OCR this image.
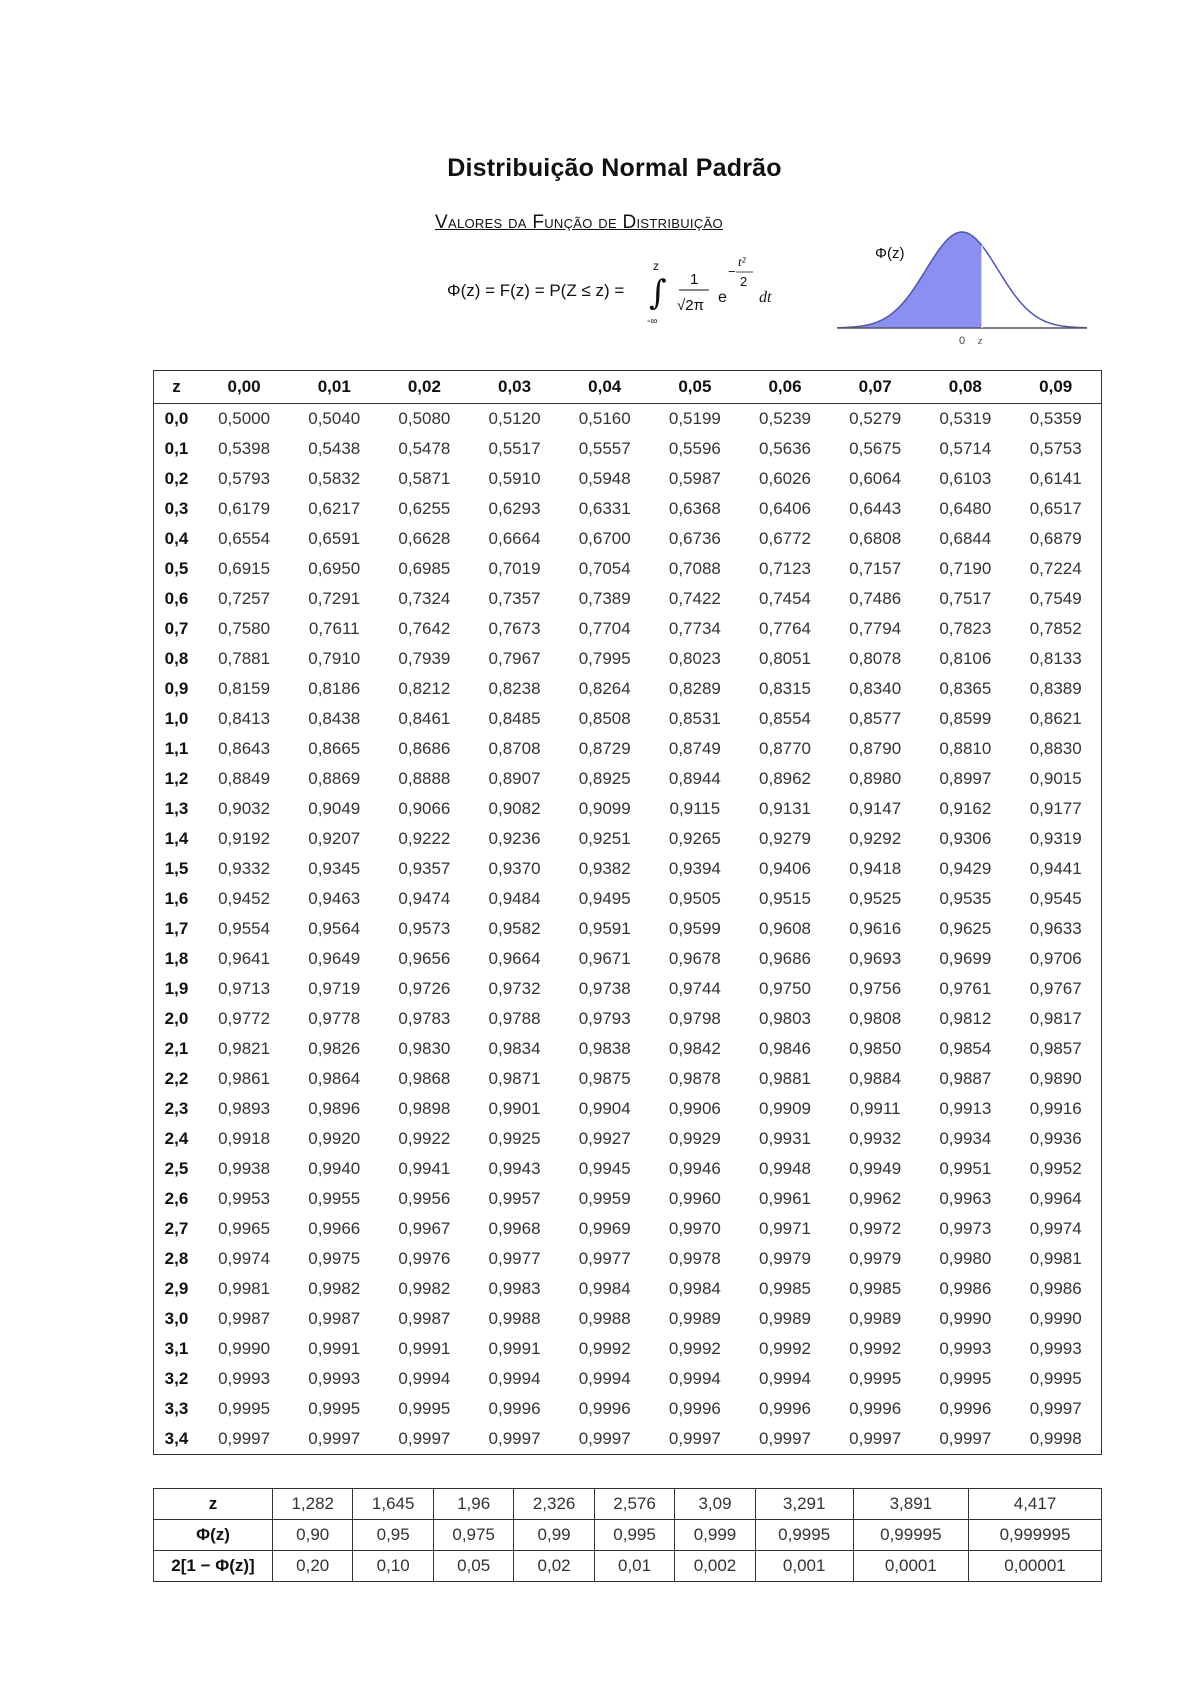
Distribuição Normal Padrão
Valores da Função de Distribuição
Φ(z) = F(z) = P(Z ≤ z) = ∫
z
-∞
1
√2π e
−
t²
2
dt
Φ(z)
0 z
z	0,00	0,01	0,02	0,03	0,04	0,05	0,06	0,07	0,08	0,09
0,0	0,5000	0,5040	0,5080	0,5120	0,5160	0,5199	0,5239	0,5279	0,5319	0,5359
0,1	0,5398	0,5438	0,5478	0,5517	0,5557	0,5596	0,5636	0,5675	0,5714	0,5753
0,2	0,5793	0,5832	0,5871	0,5910	0,5948	0,5987	0,6026	0,6064	0,6103	0,6141
0,3	0,6179	0,6217	0,6255	0,6293	0,6331	0,6368	0,6406	0,6443	0,6480	0,6517
0,4	0,6554	0,6591	0,6628	0,6664	0,6700	0,6736	0,6772	0,6808	0,6844	0,6879
0,5	0,6915	0,6950	0,6985	0,7019	0,7054	0,7088	0,7123	0,7157	0,7190	0,7224
0,6	0,7257	0,7291	0,7324	0,7357	0,7389	0,7422	0,7454	0,7486	0,7517	0,7549
0,7	0,7580	0,7611	0,7642	0,7673	0,7704	0,7734	0,7764	0,7794	0,7823	0,7852
0,8	0,7881	0,7910	0,7939	0,7967	0,7995	0,8023	0,8051	0,8078	0,8106	0,8133
0,9	0,8159	0,8186	0,8212	0,8238	0,8264	0,8289	0,8315	0,8340	0,8365	0,8389
1,0	0,8413	0,8438	0,8461	0,8485	0,8508	0,8531	0,8554	0,8577	0,8599	0,8621
1,1	0,8643	0,8665	0,8686	0,8708	0,8729	0,8749	0,8770	0,8790	0,8810	0,8830
1,2	0,8849	0,8869	0,8888	0,8907	0,8925	0,8944	0,8962	0,8980	0,8997	0,9015
1,3	0,9032	0,9049	0,9066	0,9082	0,9099	0,9115	0,9131	0,9147	0,9162	0,9177
1,4	0,9192	0,9207	0,9222	0,9236	0,9251	0,9265	0,9279	0,9292	0,9306	0,9319
1,5	0,9332	0,9345	0,9357	0,9370	0,9382	0,9394	0,9406	0,9418	0,9429	0,9441
1,6	0,9452	0,9463	0,9474	0,9484	0,9495	0,9505	0,9515	0,9525	0,9535	0,9545
1,7	0,9554	0,9564	0,9573	0,9582	0,9591	0,9599	0,9608	0,9616	0,9625	0,9633
1,8	0,9641	0,9649	0,9656	0,9664	0,9671	0,9678	0,9686	0,9693	0,9699	0,9706
1,9	0,9713	0,9719	0,9726	0,9732	0,9738	0,9744	0,9750	0,9756	0,9761	0,9767
2,0	0,9772	0,9778	0,9783	0,9788	0,9793	0,9798	0,9803	0,9808	0,9812	0,9817
2,1	0,9821	0,9826	0,9830	0,9834	0,9838	0,9842	0,9846	0,9850	0,9854	0,9857
2,2	0,9861	0,9864	0,9868	0,9871	0,9875	0,9878	0,9881	0,9884	0,9887	0,9890
2,3	0,9893	0,9896	0,9898	0,9901	0,9904	0,9906	0,9909	0,9911	0,9913	0,9916
2,4	0,9918	0,9920	0,9922	0,9925	0,9927	0,9929	0,9931	0,9932	0,9934	0,9936
2,5	0,9938	0,9940	0,9941	0,9943	0,9945	0,9946	0,9948	0,9949	0,9951	0,9952
2,6	0,9953	0,9955	0,9956	0,9957	0,9959	0,9960	0,9961	0,9962	0,9963	0,9964
2,7	0,9965	0,9966	0,9967	0,9968	0,9969	0,9970	0,9971	0,9972	0,9973	0,9974
2,8	0,9974	0,9975	0,9976	0,9977	0,9977	0,9978	0,9979	0,9979	0,9980	0,9981
2,9	0,9981	0,9982	0,9982	0,9983	0,9984	0,9984	0,9985	0,9985	0,9986	0,9986
3,0	0,9987	0,9987	0,9987	0,9988	0,9988	0,9989	0,9989	0,9989	0,9990	0,9990
3,1	0,9990	0,9991	0,9991	0,9991	0,9992	0,9992	0,9992	0,9992	0,9993	0,9993
3,2	0,9993	0,9993	0,9994	0,9994	0,9994	0,9994	0,9994	0,9995	0,9995	0,9995
3,3	0,9995	0,9995	0,9995	0,9996	0,9996	0,9996	0,9996	0,9996	0,9996	0,9997
3,4	0,9997	0,9997	0,9997	0,9997	0,9997	0,9997	0,9997	0,9997	0,9997	0,9998
z	1,282	1,645	1,96	2,326	2,576	3,09	3,291	3,891	4,417
Φ(z)	0,90	0,95	0,975	0,99	0,995	0,999	0,9995	0,99995	0,999995
2[1 − Φ(z)]	0,20	0,10	0,05	0,02	0,01	0,002	0,001	0,0001	0,00001
